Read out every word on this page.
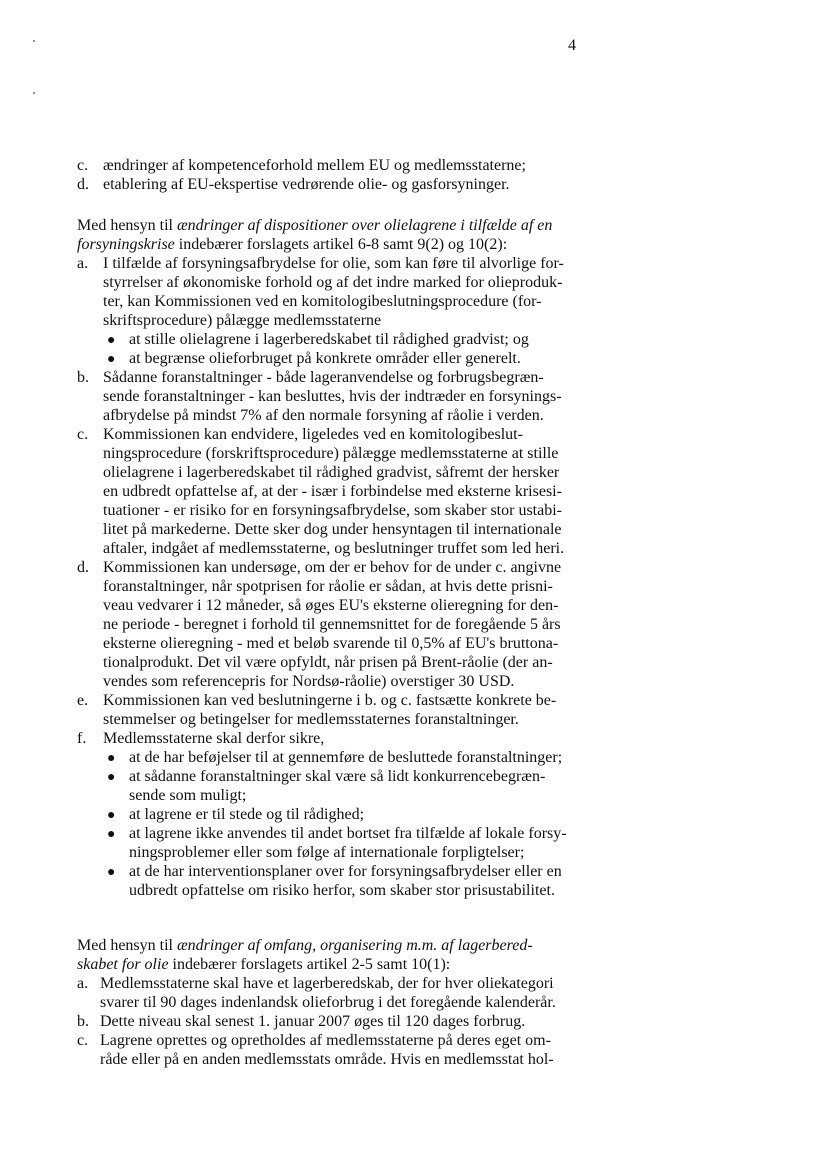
4
c. ændringer af kompetenceforhold mellem EU og medlemsstaterne;
d. etablering af EU-ekspertise vedrørende olie- og gasforsyninger.
Med hensyn til ændringer af dispositioner over olielagrene i tilfælde af en
forsyningskrise indebærer forslagets artikel 6-8 samt 9(2) og 10(2):
a. I tilfælde af forsyningsafbrydelse for olie, som kan føre til alvorlige for-
styrrelser af økonomiske forhold og af det indre marked for olieproduk-
ter, kan Kommissionen ved en komitologibeslutningsprocedure (for-
skriftsprocedure) pålægge medlemsstaterne
● at stille olielagrene i lagerberedskabet til rådighed gradvist; og
● at begrænse olieforbruget på konkrete områder eller generelt.
b. Sådanne foranstaltninger - både lageranvendelse og forbrugsbegræn-
sende foranstaltninger - kan besluttes, hvis der indtræder en forsynings-
afbrydelse på mindst 7% af den normale forsyning af råolie i verden.
c. Kommissionen kan endvidere, ligeledes ved en komitologibeslut-
ningsprocedure (forskriftsprocedure) pålægge medlemsstaterne at stille
olielagrene i lagerberedskabet til rådighed gradvist, såfremt der hersker
en udbredt opfattelse af, at der - især i forbindelse med eksterne krisesi-
tuationer - er risiko for en forsyningsafbrydelse, som skaber stor ustabi-
litet på markederne. Dette sker dog under hensyntagen til internationale
aftaler, indgået af medlemsstaterne, og beslutninger truffet som led heri.
d. Kommissionen kan undersøge, om der er behov for de under c. angivne
foranstaltninger, når spotprisen for råolie er sådan, at hvis dette prisni-
veau vedvarer i 12 måneder, så øges EU's eksterne olieregning for den-
ne periode - beregnet i forhold til gennemsnittet for de foregående 5 års
eksterne olieregning - med et beløb svarende til 0,5% af EU's bruttona-
tionalprodukt. Det vil være opfyldt, når prisen på Brent-råolie (der an-
vendes som referencepris for Nordsø-råolie) overstiger 30 USD.
e. Kommissionen kan ved beslutningerne i b. og c. fastsætte konkrete be-
stemmelser og betingelser for medlemsstaternes foranstaltninger.
f. Medlemsstaterne skal derfor sikre,
● at de har beføjelser til at gennemføre de besluttede foranstaltninger;
● at sådanne foranstaltninger skal være så lidt konkurrencebegræn-
sende som muligt;
● at lagrene er til stede og til rådighed;
● at lagrene ikke anvendes til andet bortset fra tilfælde af lokale forsy-
ningsproblemer eller som følge af internationale forpligtelser;
● at de har interventionsplaner over for forsyningsafbrydelser eller en
udbredt opfattelse om risiko herfor, som skaber stor prisustabilitet.
Med hensyn til ændringer af omfang, organisering m.m. af lagerbered-
skabet for olie indebærer forslagets artikel 2-5 samt 10(1):
a. Medlemsstaterne skal have et lagerberedskab, der for hver oliekategori
svarer til 90 dages indenlandsk olieforbrug i det foregående kalenderår.
b. Dette niveau skal senest 1. januar 2007 øges til 120 dages forbrug.
c. Lagrene oprettes og opretholdes af medlemsstaterne på deres eget om-
råde eller på en anden medlemsstats område. Hvis en medlemsstat hol-
